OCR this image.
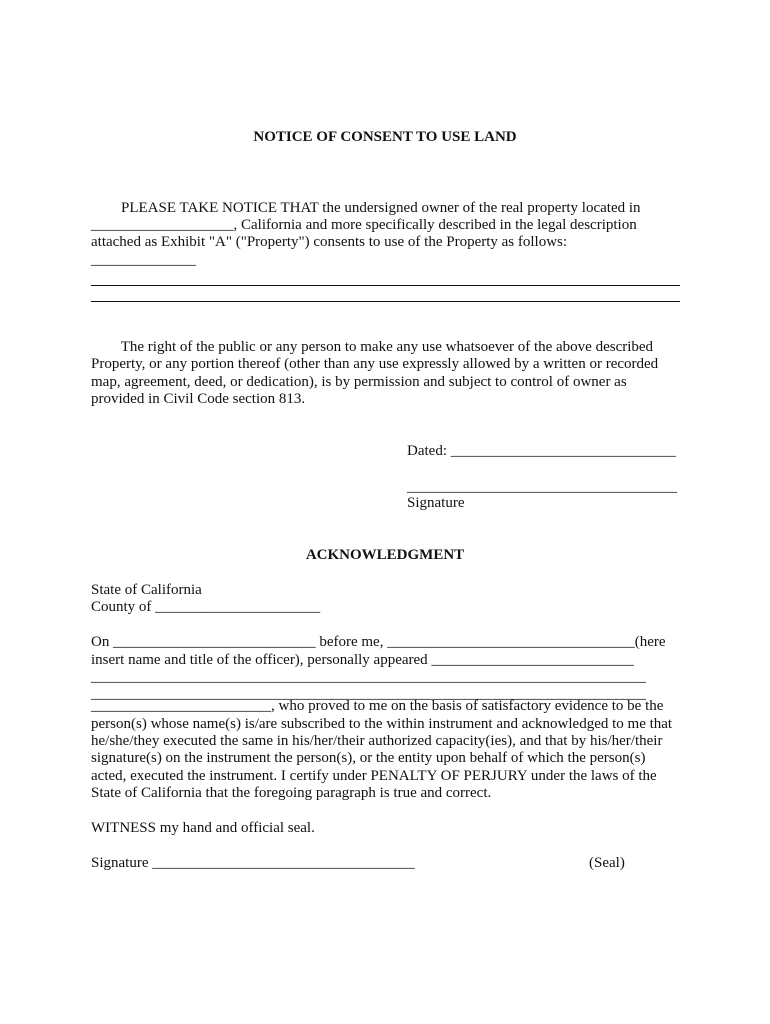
NOTICE OF CONSENT TO USE LAND
PLEASE TAKE NOTICE THAT the undersigned owner of the real property located in
___________________, California and more specifically described in the legal description
attached as Exhibit "A" ("Property") consents to use of the Property as follows:
______________
The right of the public or any person to make any use whatsoever of the above described
Property, or any portion thereof (other than any use expressly allowed by a written or recorded
map, agreement, deed, or dedication), is by permission and subject to control of owner as
provided in Civil Code section 813.
Dated: ______________________________
____________________________________
Signature
ACKNOWLEDGMENT
State of California
County of ______________________
On ___________________________ before me, _________________________________(here
insert name and title of the officer), personally appeared ___________________________
__________________________________________________________________________
__________________________________________________________________________
________________________, who proved to me on the basis of satisfactory evidence to be the
person(s) whose name(s) is/are subscribed to the within instrument and acknowledged to me that
he/she/they executed the same in his/her/their authorized capacity(ies), and that by his/her/their
signature(s) on the instrument the person(s), or the entity upon behalf of which the person(s)
acted, executed the instrument. I certify under PENALTY OF PERJURY under the laws of the
State of California that the foregoing paragraph is true and correct.
WITNESS my hand and official seal.
Signature ___________________________________	(Seal)
